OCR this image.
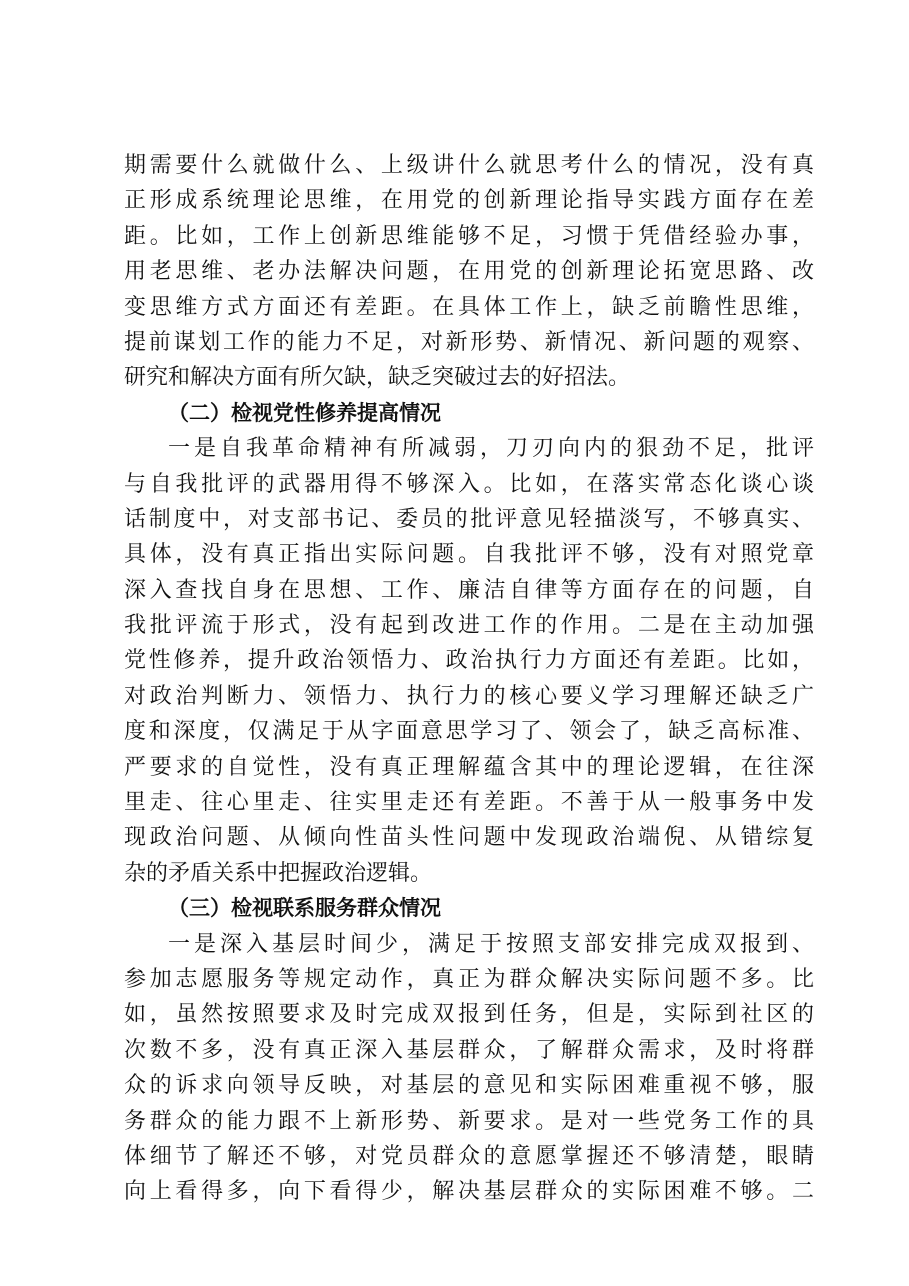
期需要什么就做什么、上级讲什么就思考什么的情况，没有真
正形成系统理论思维，在用党的创新理论指导实践方面存在差
距。比如，工作上创新思维能够不足，习惯于凭借经验办事，
用老思维、老办法解决问题，在用党的创新理论拓宽思路、改
变思维方式方面还有差距。在具体工作上，缺乏前瞻性思维，
提前谋划工作的能力不足，对新形势、新情况、新问题的观察、
研究和解决方面有所欠缺，缺乏突破过去的好招法。
（二）检视党性修养提高情况
一是自我革命精神有所减弱，刀刃向内的狠劲不足，批评
与自我批评的武器用得不够深入。比如，在落实常态化谈心谈
话制度中，对支部书记、委员的批评意见轻描淡写，不够真实、
具体，没有真正指出实际问题。自我批评不够，没有对照党章
深入查找自身在思想、工作、廉洁自律等方面存在的问题，自
我批评流于形式，没有起到改进工作的作用。二是在主动加强
党性修养，提升政治领悟力、政治执行力方面还有差距。比如，
对政治判断力、领悟力、执行力的核心要义学习理解还缺乏广
度和深度，仅满足于从字面意思学习了、领会了，缺乏高标准、
严要求的自觉性，没有真正理解蕴含其中的理论逻辑，在往深
里走、往心里走、往实里走还有差距。不善于从一般事务中发
现政治问题、从倾向性苗头性问题中发现政治端倪、从错综复
杂的矛盾关系中把握政治逻辑。
（三）检视联系服务群众情况
一是深入基层时间少，满足于按照支部安排完成双报到、
参加志愿服务等规定动作，真正为群众解决实际问题不多。比
如，虽然按照要求及时完成双报到任务，但是，实际到社区的
次数不多，没有真正深入基层群众，了解群众需求，及时将群
众的诉求向领导反映，对基层的意见和实际困难重视不够，服
务群众的能力跟不上新形势、新要求。是对一些党务工作的具
体细节了解还不够，对党员群众的意愿掌握还不够清楚，眼睛
向上看得多，向下看得少，解决基层群众的实际困难不够。二
